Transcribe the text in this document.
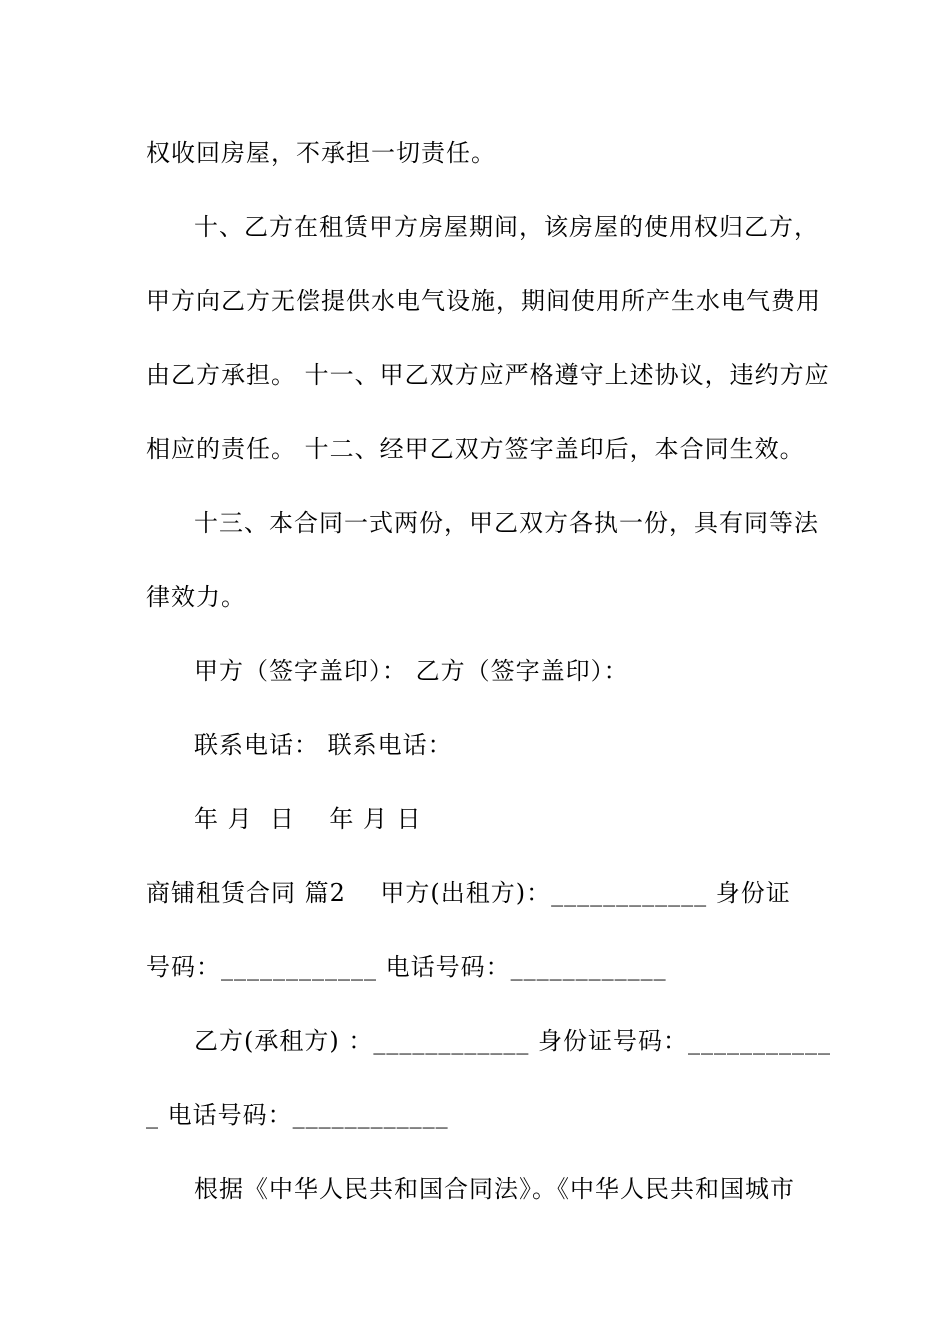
权收回房屋，不承担一切责任。
十、乙方在租赁甲方房屋期间，该房屋的使用权归乙方，
甲方向乙方无偿提供水电气设施，期间使用所产生水电气费用
由乙方承担。 十一、甲乙双方应严格遵守上述协议，违约方应
相应的责任。 十二、经甲乙双方签字盖印后，本合同生效。
十三、本合同一式两份，甲乙双方各执一份，具有同等法
律效力。
甲方（签字盖印）： 乙方（签字盖印）：
联系电话： 联系电话：
年 月  日    年 月 日
商铺租赁合同 篇2    甲方(出租方)：____________ 身份证
号码：____________ 电话号码：____________
乙方(承租方) ：____________ 身份证号码：___________
_ 电话号码：____________
根据《中华人民共和国合同法》。《中华人民共和国城市
